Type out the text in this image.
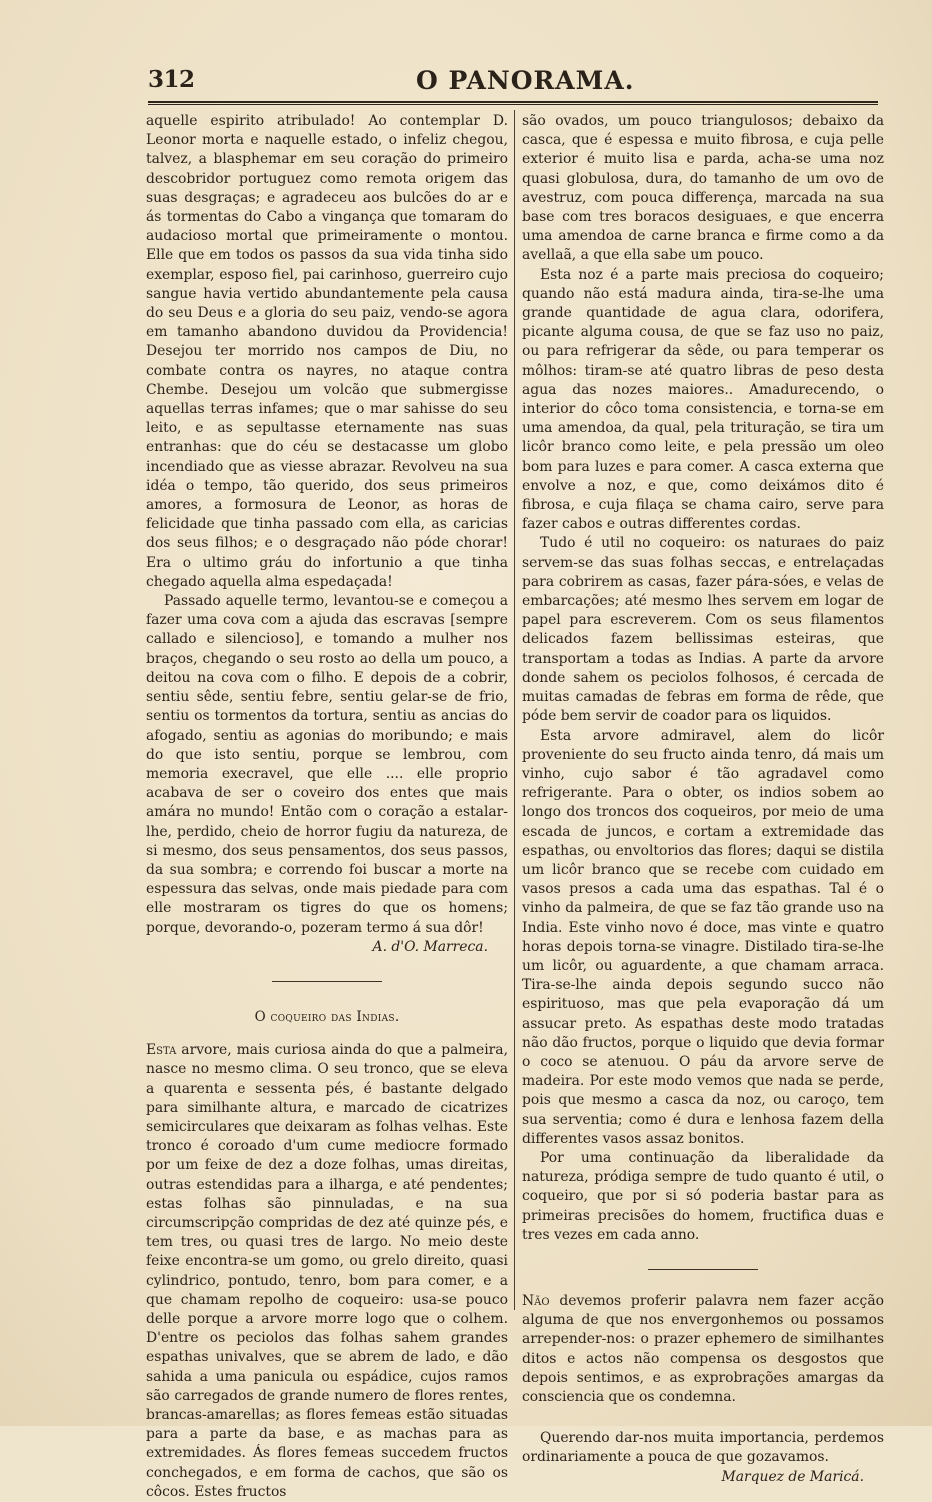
312	O PANORAMA.

aquelle espirito atribulado! Ao contemplar D. Leonor morta e naquelle estado, o infeliz chegou, talvez, a blasphemar em seu coração do primeiro descobridor portuguez como remota origem das suas desgraças; e agradeceu aos bulcões do ar e ás tormentas do Cabo a vingança que tomaram do audacioso mortal que primeiramente o montou. Elle que em todos os passos da sua vida tinha sido exemplar, esposo fiel, pai carinhoso, guerreiro cujo sangue havia vertido abundantemente pela causa do seu Deus e a gloria do seu paiz, vendo-se agora em tamanho abandono duvidou da Providencia! Desejou ter morrido nos campos de Diu, no combate contra os nayres, no ataque contra Chembe. Desejou um volcão que submergisse aquellas terras infames; que o mar sahisse do seu leito, e as sepultasse eternamente nas suas entranhas: que do céu se destacasse um globo incendiado que as viesse abrazar. Revolveu na sua idéa o tempo, tão querido, dos seus primeiros amores, a formosura de Leonor, as horas de felicidade que tinha passado com ella, as caricias dos seus filhos; e o desgraçado não póde chorar! Era o ultimo gráu do infortunio a que tinha chegado aquella alma espedaçada!

Passado aquelle termo, levantou-se e começou a fazer uma cova com a ajuda das escravas [sempre callado e silencioso], e tomando a mulher nos braços, chegando o seu rosto ao della um pouco, a deitou na cova com o filho. E depois de a cobrir, sentiu sêde, sentiu febre, sentiu gelar-se de frio, sentiu os tormentos da tortura, sentiu as ancias do afogado, sentiu as agonias do moribundo; e mais do que isto sentiu, porque se lembrou, com memoria execravel, que elle .... elle proprio acabava de ser o coveiro dos entes que mais amára no mundo! Então com o coração a estalar-lhe, perdido, cheio de horror fugiu da natureza, de si mesmo, dos seus pensamentos, dos seus passos, da sua sombra; e correndo foi buscar a morte na espessura das selvas, onde mais piedade para com elle mostraram os tigres do que os homens; porque, devorando-o, pozeram termo á sua dôr!

A. d'O. Marreca.

O coqueiro das Indias.

Esta arvore, mais curiosa ainda do que a palmeira, nasce no mesmo clima. O seu tronco, que se eleva a quarenta e sessenta pés, é bastante delgado para similhante altura, e marcado de cicatrizes semicirculares que deixaram as folhas velhas. Este tronco é coroado d'um cume mediocre formado por um feixe de dez a doze folhas, umas direitas, outras estendidas para a ilharga, e até pendentes; estas folhas são pinnuladas, e na sua circumscripção compridas de dez até quinze pés, e tem tres, ou quasi tres de largo. No meio deste feixe encontra-se um gomo, ou grelo direito, quasi cylindrico, pontudo, tenro, bom para comer, e a que chamam repolho de coqueiro: usa-se pouco delle porque a arvore morre logo que o colhem. D'entre os peciolos das folhas sahem grandes espathas univalves, que se abrem de lado, e dão sahida a uma panicula ou espádice, cujos ramos são carregados de grande numero de flores rentes, brancas-amarellas; as flores femeas estão situadas para a parte da base, e as machas para as extremidades. Ás flores femeas succedem fructos conchegados, e em forma de cachos, que são os côcos. Estes fructos

são ovados, um pouco triangulosos; debaixo da casca, que é espessa e muito fibrosa, e cuja pelle exterior é muito lisa e parda, acha-se uma noz quasi globulosa, dura, do tamanho de um ovo de avestruz, com pouca differença, marcada na sua base com tres boracos desiguaes, e que encerra uma amendoa de carne branca e firme como a da avellaã, a que ella sabe um pouco.

Esta noz é a parte mais preciosa do coqueiro; quando não está madura ainda, tira-se-lhe uma grande quantidade de agua clara, odorifera, picante alguma cousa, de que se faz uso no paiz, ou para refrigerar da sêde, ou para temperar os môlhos: tiram-se até quatro libras de peso desta agua das nozes maiores.. Amadurecendo, o interior do côco toma consistencia, e torna-se em uma amendoa, da qual, pela trituração, se tira um licôr branco como leite, e pela pressão um oleo bom para luzes e para comer. A casca externa que envolve a noz, e que, como deixámos dito é fibrosa, e cuja filaça se chama cairo, serve para fazer cabos e outras differentes cordas.

Tudo é util no coqueiro: os naturaes do paiz servem-se das suas folhas seccas, e entrelaçadas para cobrirem as casas, fazer pára-sóes, e velas de embarcações; até mesmo lhes servem em logar de papel para escreverem. Com os seus filamentos delicados fazem bellissimas esteiras, que transportam a todas as Indias. A parte da arvore donde sahem os peciolos folhosos, é cercada de muitas camadas de febras em forma de rêde, que póde bem servir de coador para os liquidos.

Esta arvore admiravel, alem do licôr proveniente do seu fructo ainda tenro, dá mais um vinho, cujo sabor é tão agradavel como refrigerante. Para o obter, os indios sobem ao longo dos troncos dos coqueiros, por meio de uma escada de juncos, e cortam a extremidade das espathas, ou envoltorios das flores; daqui se distila um licôr branco que se recebe com cuidado em vasos presos a cada uma das espathas. Tal é o vinho da palmeira, de que se faz tão grande uso na India. Este vinho novo é doce, mas vinte e quatro horas depois torna-se vinagre. Distilado tira-se-lhe um licôr, ou aguardente, a que chamam arraca. Tira-se-lhe ainda depois segundo succo não espirituoso, mas que pela evaporação dá um assucar preto. As espathas deste modo tratadas não dão fructos, porque o liquido que devia formar o coco se atenuou. O páu da arvore serve de madeira. Por este modo vemos que nada se perde, pois que mesmo a casca da noz, ou caroço, tem sua serventia; como é dura e lenhosa fazem della differentes vasos assaz bonitos.

Por uma continuação da liberalidade da natureza, pródiga sempre de tudo quanto é util, o coqueiro, que por si só poderia bastar para as primeiras precisões do homem, fructifica duas e tres vezes em cada anno.

Não devemos proferir palavra nem fazer acção alguma de que nos envergonhemos ou possamos arrepender-nos: o prazer ephemero de similhantes ditos e actos não compensa os desgostos que depois sentimos, e as exprobrações amargas da consciencia que os condemna.

Querendo dar-nos muita importancia, perdemos ordinariamente a pouca de que gozavamos.

Marquez de Maricá.
